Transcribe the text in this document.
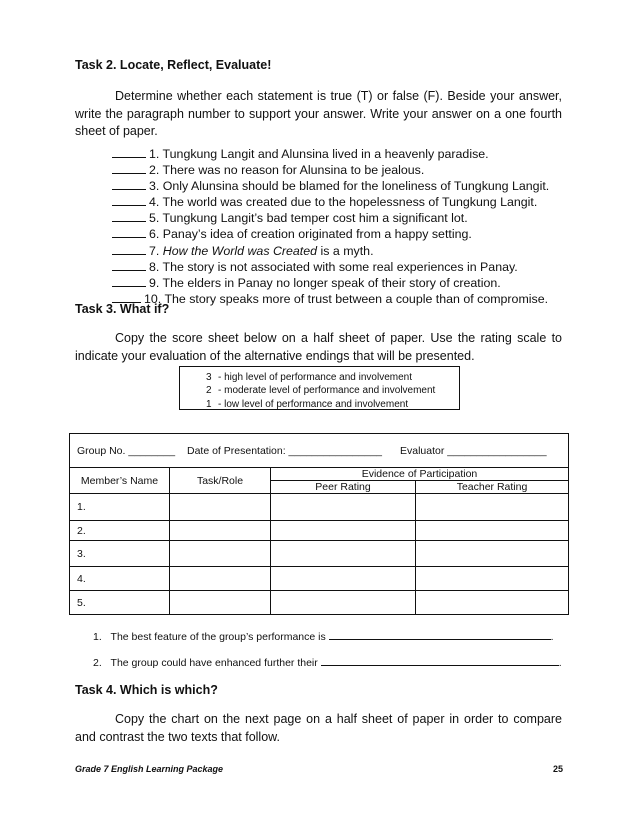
Task 2. Locate, Reflect, Evaluate!
Determine whether each statement is true (T) or false (F). Beside your answer, write the paragraph number to support your answer. Write your answer on a one fourth sheet of paper.
1. Tungkung Langit and Alunsina lived in a heavenly paradise.
2. There was no reason for Alunsina to be jealous.
3. Only Alunsina should be blamed for the loneliness of Tungkung Langit.
4. The world was created due to the hopelessness of Tungkung Langit.
5. Tungkung Langit’s bad temper cost him a significant lot.
6. Panay’s idea of creation originated from a happy setting.
7. How the World was Created is a myth.
8. The story is not associated with some real experiences in Panay.
9. The elders in Panay no longer speak of their story of creation.
10. The story speaks more of trust between a couple than of compromise.
Task 3. What if?
Copy the score sheet below on a half sheet of paper. Use the rating scale to indicate your evaluation of the alternative endings that will be presented.
3 - high level of performance and involvement
2 - moderate level of performance and involvement
1 - low level of performance and involvement
Group No. ________ Date of Presentation: ________________ Evaluator _________________
Member’s Name	Task/Role
Evidence of Participation
Peer Rating	Teacher Rating
1.
2.
3.
4.
5.
1. The best feature of the group’s performance is	.
2. The group could have enhanced further their	.
Task 4. Which is which?
Copy the chart on the next page on a half sheet of paper in order to compare and contrast the two texts that follow.
Grade 7 English Learning Package	25
